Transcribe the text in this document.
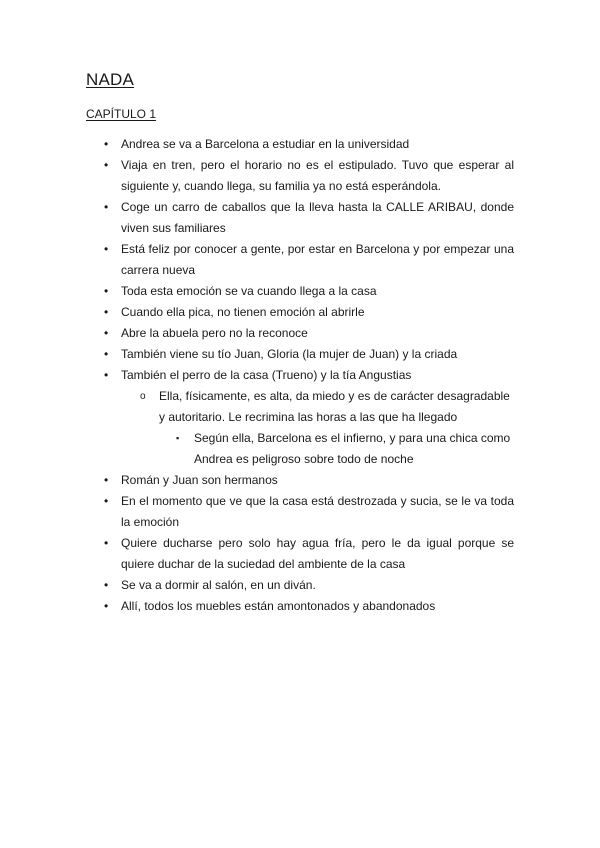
NADA
CAPÍTULO 1
• Andrea se va a Barcelona a estudiar en la universidad
• Viaja en tren, pero el horario no es el estipulado. Tuvo que esperar al siguiente y, cuando llega, su familia ya no está esperándola.
• Coge un carro de caballos que la lleva hasta la CALLE ARIBAU, donde viven sus familiares
• Está feliz por conocer a gente, por estar en Barcelona y por empezar una carrera nueva
• Toda esta emoción se va cuando llega a la casa
• Cuando ella pica, no tienen emoción al abrirle
• Abre la abuela pero no la reconoce
• También viene su tío Juan, Gloria (la mujer de Juan) y la criada
• También el perro de la casa (Trueno) y la tía Angustias
o Ella, físicamente, es alta, da miedo y es de carácter desagradable y autoritario. Le recrimina las horas a las que ha llegado
▪ Según ella, Barcelona es el infierno, y para una chica como Andrea es peligroso sobre todo de noche
• Román y Juan son hermanos
• En el momento que ve que la casa está destrozada y sucia, se le va toda la emoción
• Quiere ducharse pero solo hay agua fría, pero le da igual porque se quiere duchar de la suciedad del ambiente de la casa
• Se va a dormir al salón, en un diván.
• Allí, todos los muebles están amontonados y abandonados
